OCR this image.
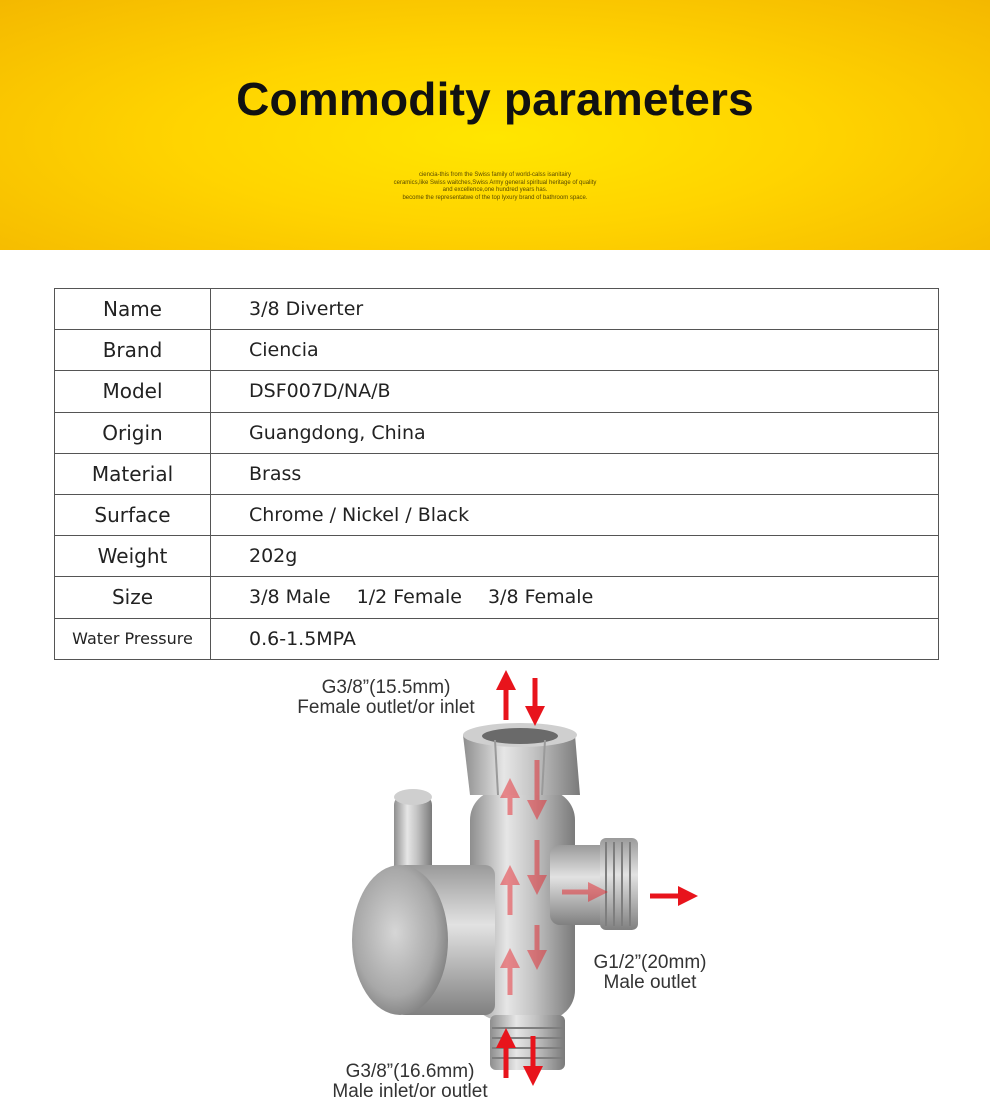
Commodity parameters
ciencia-this from the Swiss family of world-calss isanitairy
ceramics,like Swiss waitches,Swiss Army general spiritual heritage of quality
and excellence,one hundred years has.
become the representatwe of the top lyxury brand of bathroom space.
Name	3/8 Diverter
Brand	Ciencia
Model	DSF007D/NA/B
Origin	Guangdong, China
Material	Brass
Surface	Chrome / Nickel / Black
Weight	202g
Size	3/8 Male 1/2 Female 3/8 Female
Water Pressure	0.6-1.5MPA
G3/8”(15.5mm)
Female outlet/or inlet
G1/2”(20mm)
Male outlet
G3/8”(16.6mm)
Male inlet/or outlet
